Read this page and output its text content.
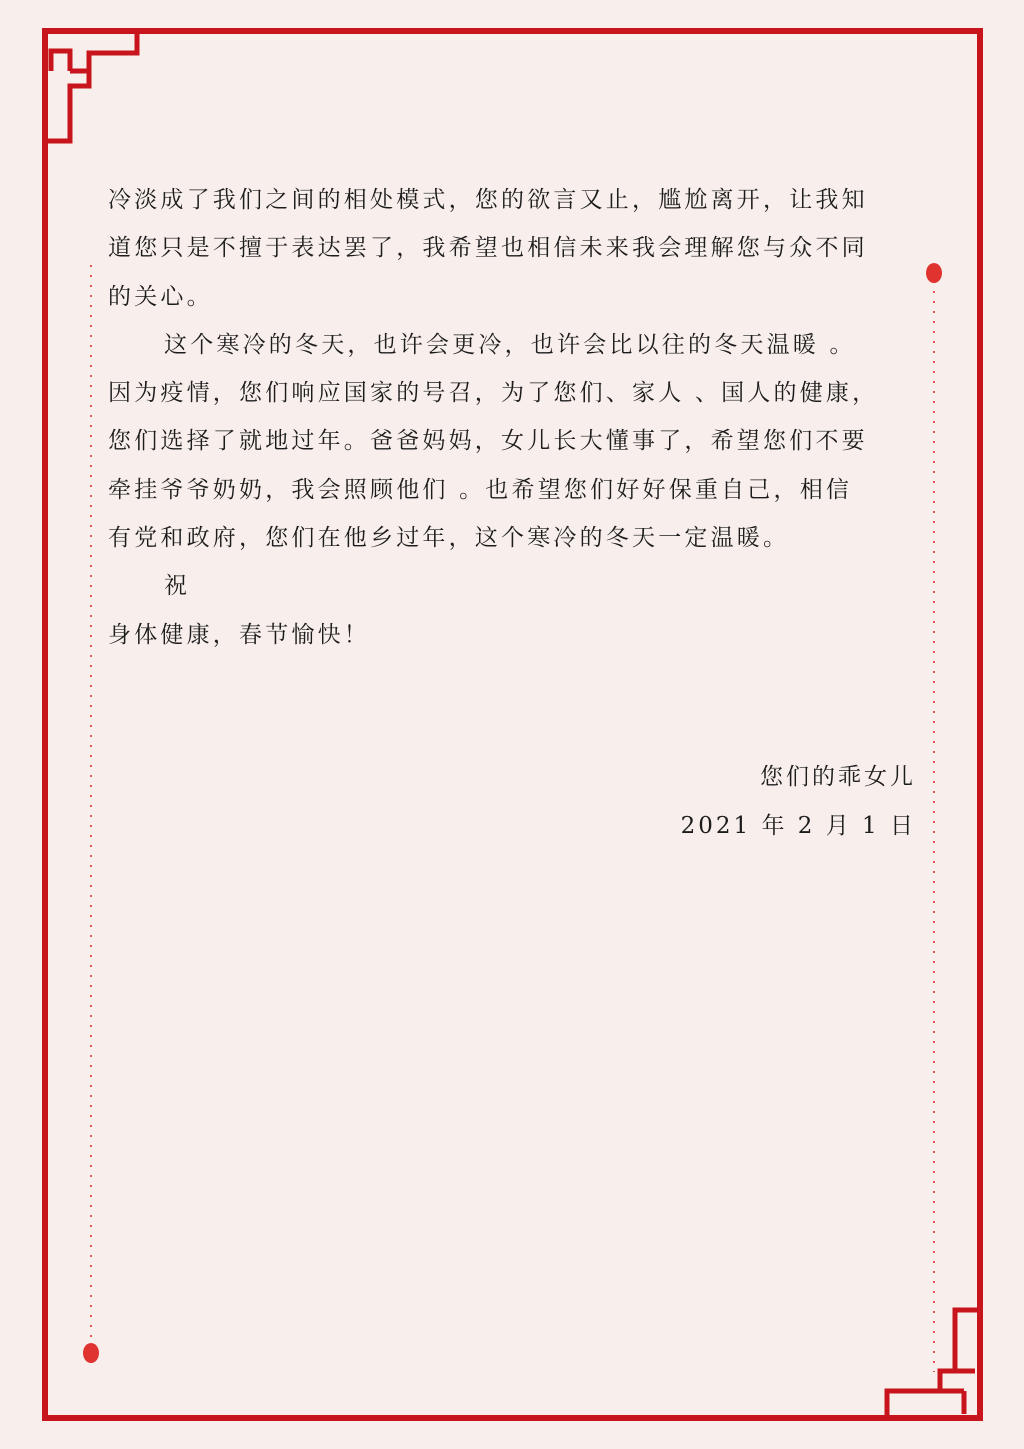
冷淡成了我们之间的相处模式，您的欲言又止，尴尬离开，让我知
道您只是不擅于表达罢了，我希望也相信未来我会理解您与众不同
的关心。
这个寒冷的冬天，也许会更冷，也许会比以往的冬天温暖 。
因为疫情，您们响应国家的号召，为了您们、家人 、国人的健康，
您们选择了就地过年。爸爸妈妈，女儿长大懂事了，希望您们不要
牵挂爷爷奶奶，我会照顾他们 。也希望您们好好保重自己，相信
有党和政府，您们在他乡过年，这个寒冷的冬天一定温暖。
祝
身体健康，春节愉快！
您们的乖女儿
2021 年 2 月 1 日
